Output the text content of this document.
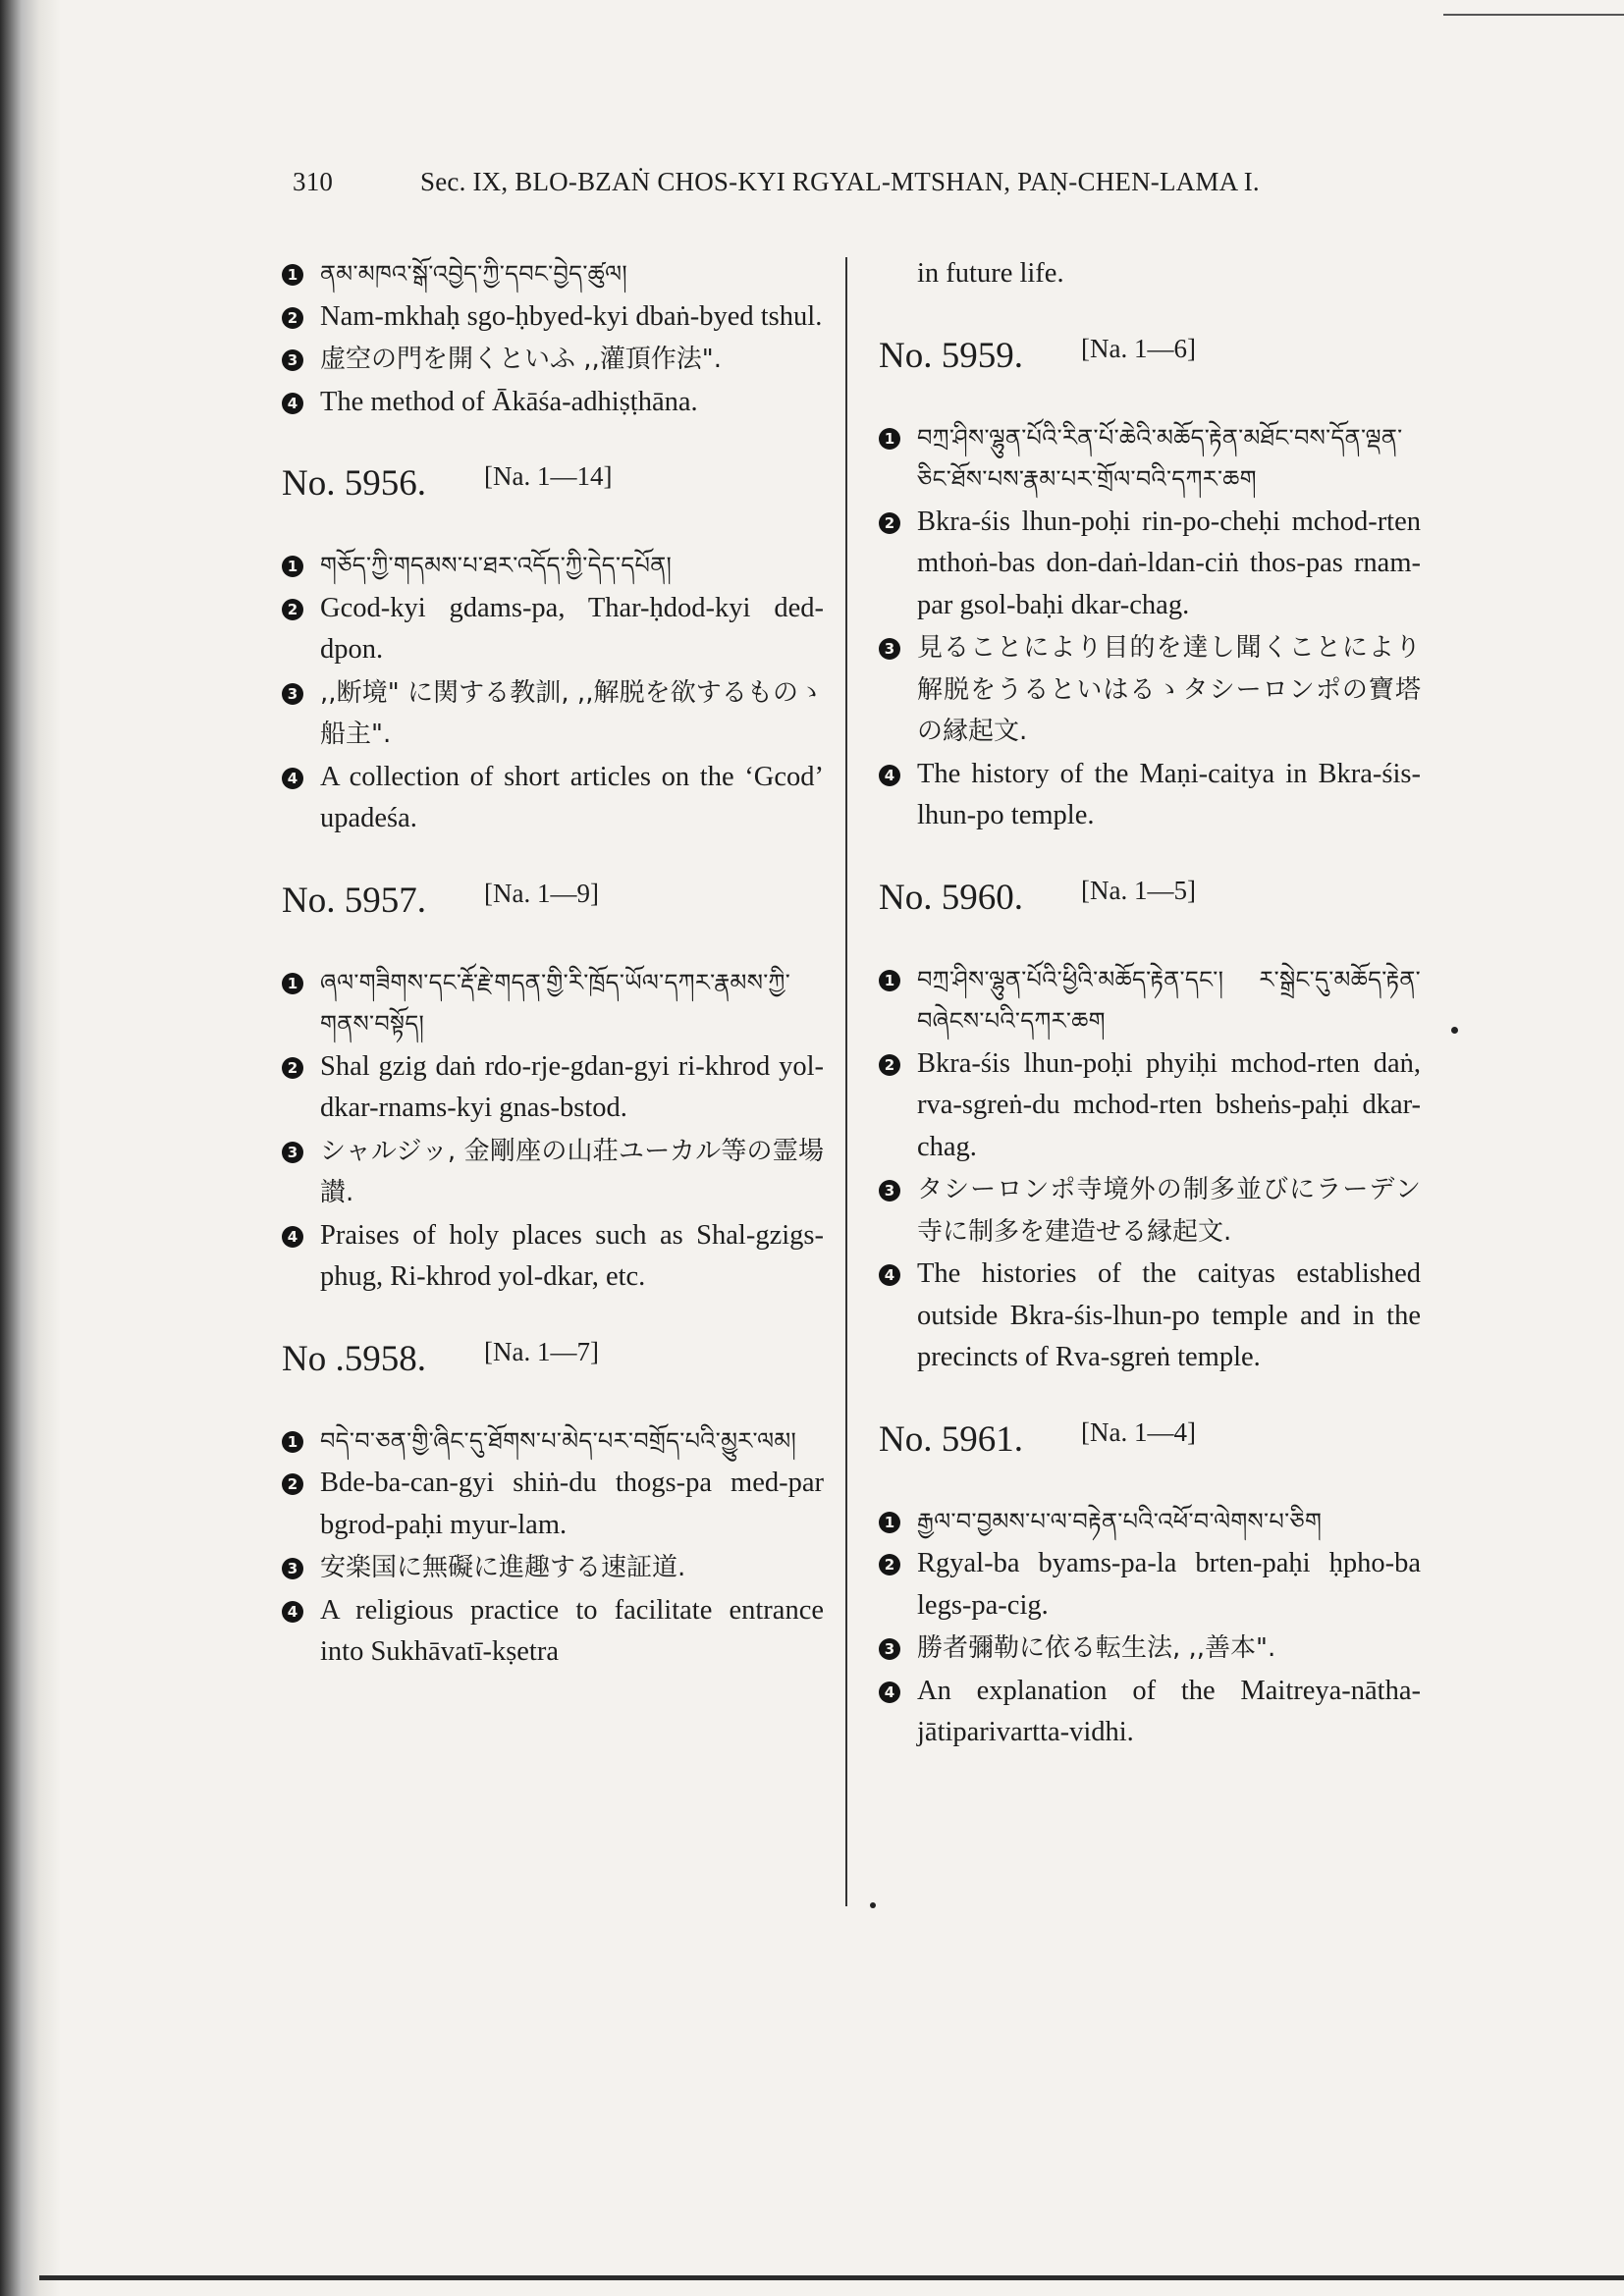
310	Sec. IX, BLO-BZAṄ CHOS-KYI RGYAL-MTSHAN, PAṆ-CHEN-LAMA I.
1 ནམ་མཁའ་སྒོ་འབྱེད་ཀྱི་དབང་བྱེད་ཚུལ།
2 Nam-mkhaḥ sgo-ḥbyed-kyi dbaṅ-byed tshul.
3 虚空の門を開くといふ ,,灌頂作法".
4 The method of Ākāśa-adhiṣṭhāna.
No. 5956.	[Na. 1—14]
1 གཅོད་ཀྱི་གདམས་པ་ཐར་འདོད་ཀྱི་དེད་དཔོན།
2 Gcod-kyi gdams-pa, Thar-ḥdod-kyi ded-dpon.
3 ,,断境" に関する教訓, ,,解脱を欲するものゝ船主".
4 A collection of short articles on the ‘Gcod’ upadeśa.
No. 5957.	[Na. 1—9]
1 ཞལ་གཟིགས་དང་རྡོ་རྗེ་གདན་གྱི་རི་ཁྲོད་ཡོལ་དཀར་རྣམས་ཀྱི་གནས་བསྟོད།
2 Shal gzig daṅ rdo-rje-gdan-gyi ri-khrod yol-dkar-rnams-kyi gnas-bstod.
3 シャルジッ, 金剛座の山荘ユーカル等の霊場讃.
4 Praises of holy places such as Shal-gzigs-phug, Ri-khrod yol-dkar, etc.
No .5958.	[Na. 1—7]
1 བདེ་བ་ཅན་གྱི་ཞིང་དུ་ཐོགས་པ་མེད་པར་བགྲོད་པའི་མྱུར་ལམ།
2 Bde-ba-can-gyi shiṅ-du thogs-pa med-par bgrod-paḥi myur-lam.
3 安楽国に無礙に進趣する速証道.
4 A religious practice to facilitate entrance into Sukhāvatī-kṣetra
in future life.
No. 5959.	[Na. 1—6]
1 བཀྲ་ཤིས་ལྷུན་པོའི་རིན་པོ་ཆེའི་མཆོད་རྟེན་མཐོང་བས་དོན་ལྡན་ཅིང་ཐོས་པས་རྣམ་པར་གྲོལ་བའི་དཀར་ཆག
2 Bkra-śis lhun-poḥi rin-po-cheḥi mchod-rten mthoṅ-bas don-daṅ-ldan-ciṅ thos-pas rnam-par gsol-baḥi dkar-chag.
3 見ることにより目的を達し聞くことにより解脱をうるといはるゝタシーロンポの寶塔の縁起文.
4 The history of the Maṇi-caitya in Bkra-śis-lhun-po temple.
No. 5960.	[Na. 1—5]
1 བཀྲ་ཤིས་ལྷུན་པོའི་ཕྱིའི་མཆོད་རྟེན་དང་། ར་སྒྲེང་དུ་མཆོད་རྟེན་བཞེངས་པའི་དཀར་ཆག
2 Bkra-śis lhun-poḥi phyiḥi mchod-rten daṅ, rva-sgreṅ-du mchod-rten bsheṅs-paḥi dkar-chag.
3 タシーロンポ寺境外の制多並びにラーデン寺に制多を建造せる縁起文.
4 The histories of the caityas established outside Bkra-śis-lhun-po temple and in the precincts of Rva-sgreṅ temple.
No. 5961.	[Na. 1—4]
1 རྒྱལ་བ་བྱམས་པ་ལ་བརྟེན་པའི་འཕོ་བ་ལེགས་པ་ཅིག
2 Rgyal-ba byams-pa-la brten-paḥi ḥpho-ba legs-pa-cig.
3 勝者彌勒に依る転生法, ,,善本".
4 An explanation of the Maitreya-nātha-jātiparivartta-vidhi.
